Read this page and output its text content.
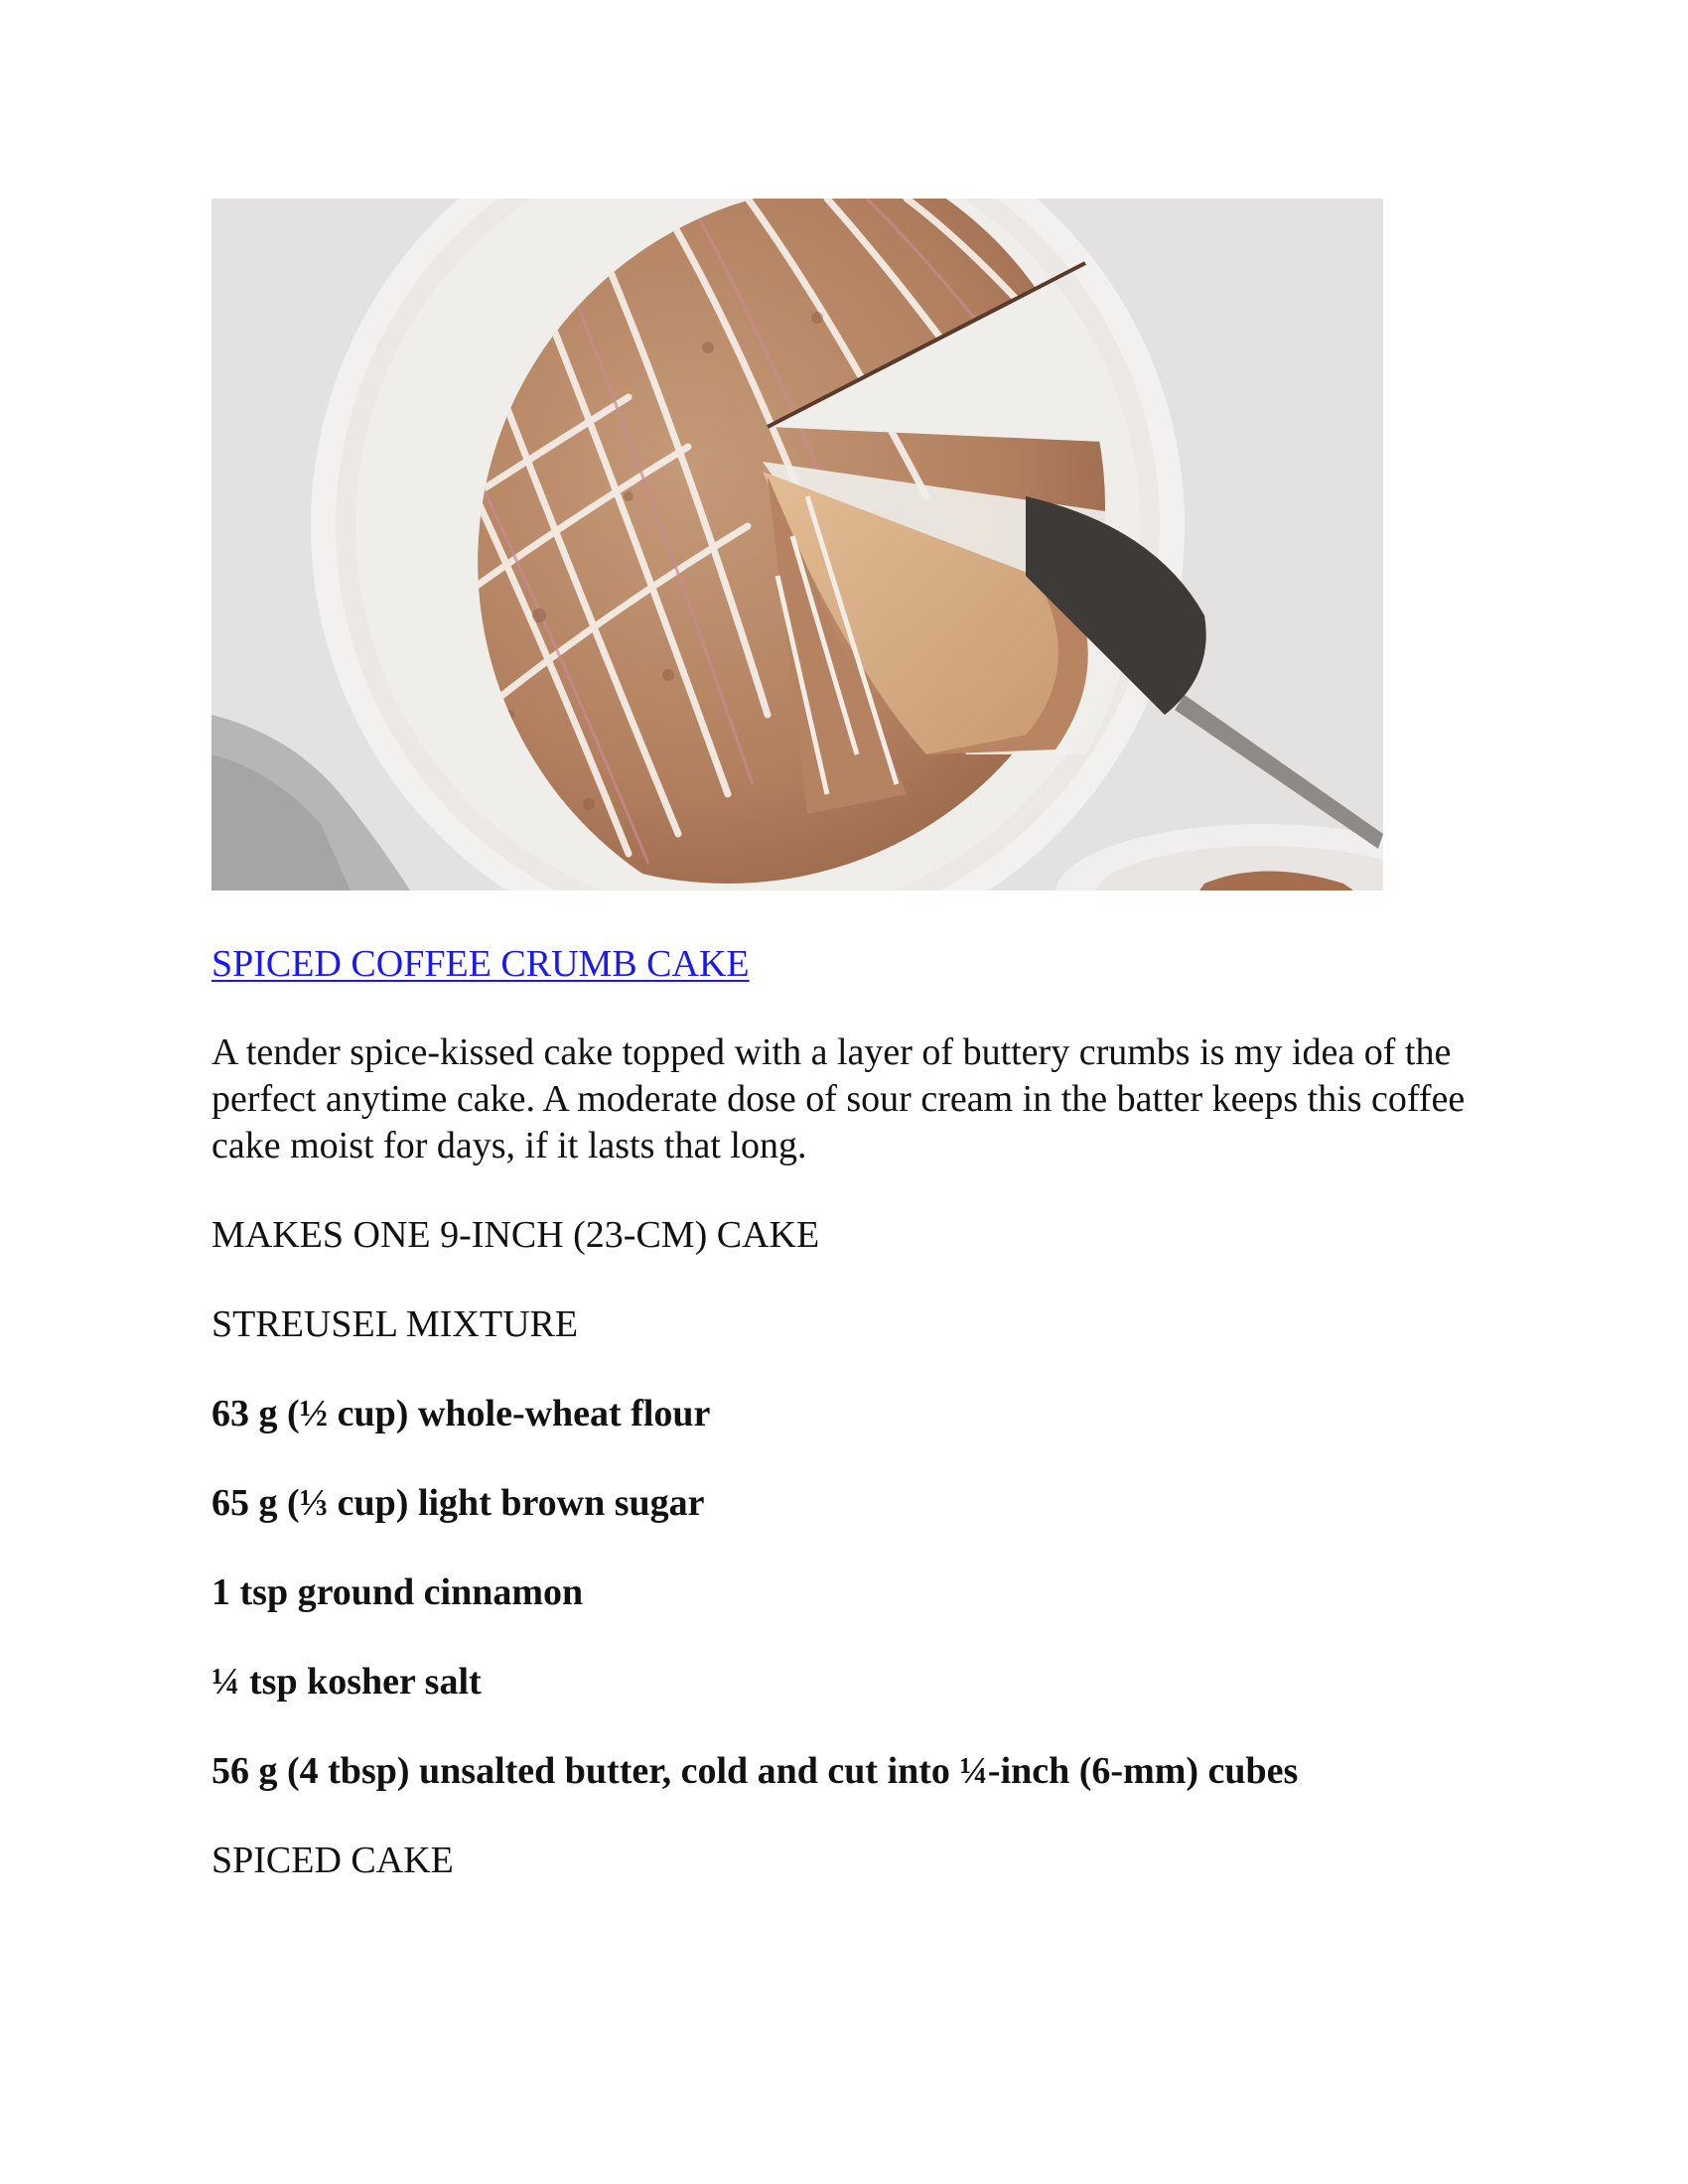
SPICED COFFEE CRUMB CAKE
A tender spice-kissed cake topped with a layer of buttery crumbs is my idea of the perfect anytime cake. A moderate dose of sour cream in the batter keeps this coffee cake moist for days, if it lasts that long.
MAKES ONE 9-INCH (23-CM) CAKE
STREUSEL MIXTURE
63 g (½ cup) whole-wheat flour
65 g (⅓ cup) light brown sugar
1 tsp ground cinnamon
¼ tsp kosher salt
56 g (4 tbsp) unsalted butter, cold and cut into ¼-inch (6-mm) cubes
SPICED CAKE
